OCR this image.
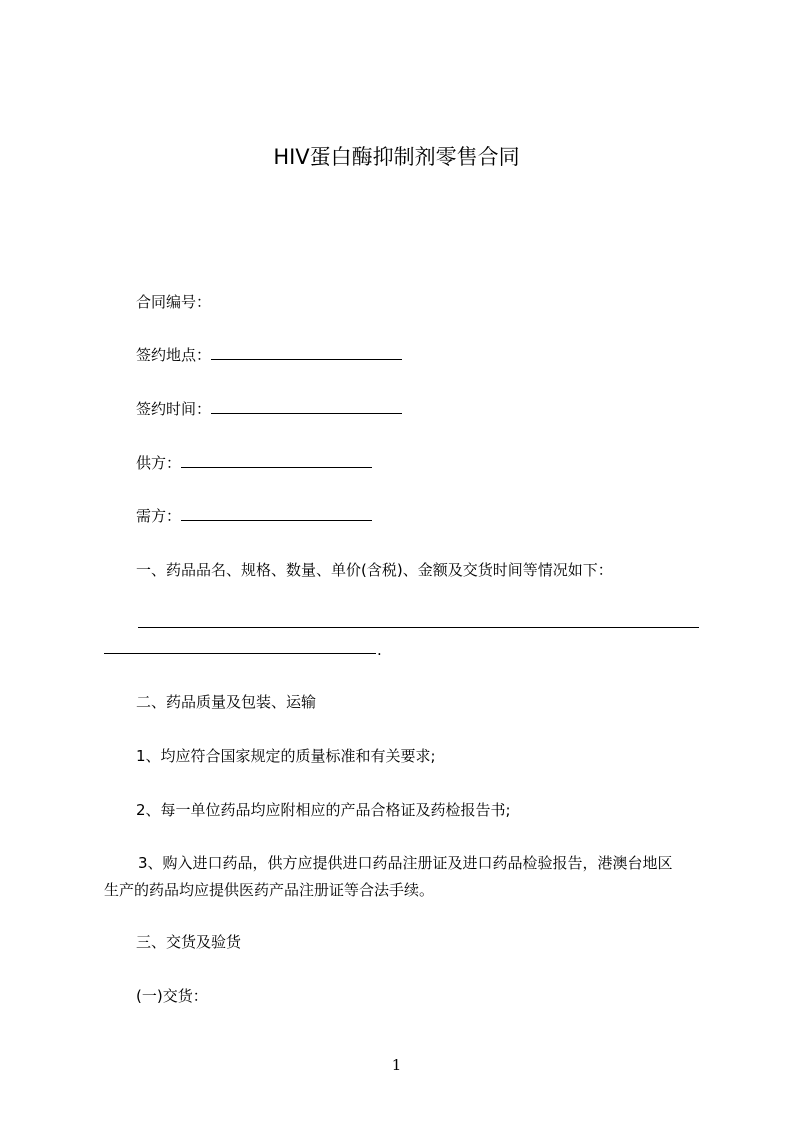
HIV蛋白酶抑制剂零售合同
合同编号：
签约地点：
签约时间：
供方：
需方：
一、药品品名、规格、数量、单价(含税)、金额及交货时间等情况如下：
.
二、药品质量及包装、运输
1、均应符合国家规定的质量标准和有关要求;
2、每一单位药品均应附相应的产品合格证及药检报告书;
3、购入进口药品，供方应提供进口药品注册证及进口药品检验报告，港澳台地区
生产的药品均应提供医药产品注册证等合法手续。
三、交货及验货
(一)交货：
1
